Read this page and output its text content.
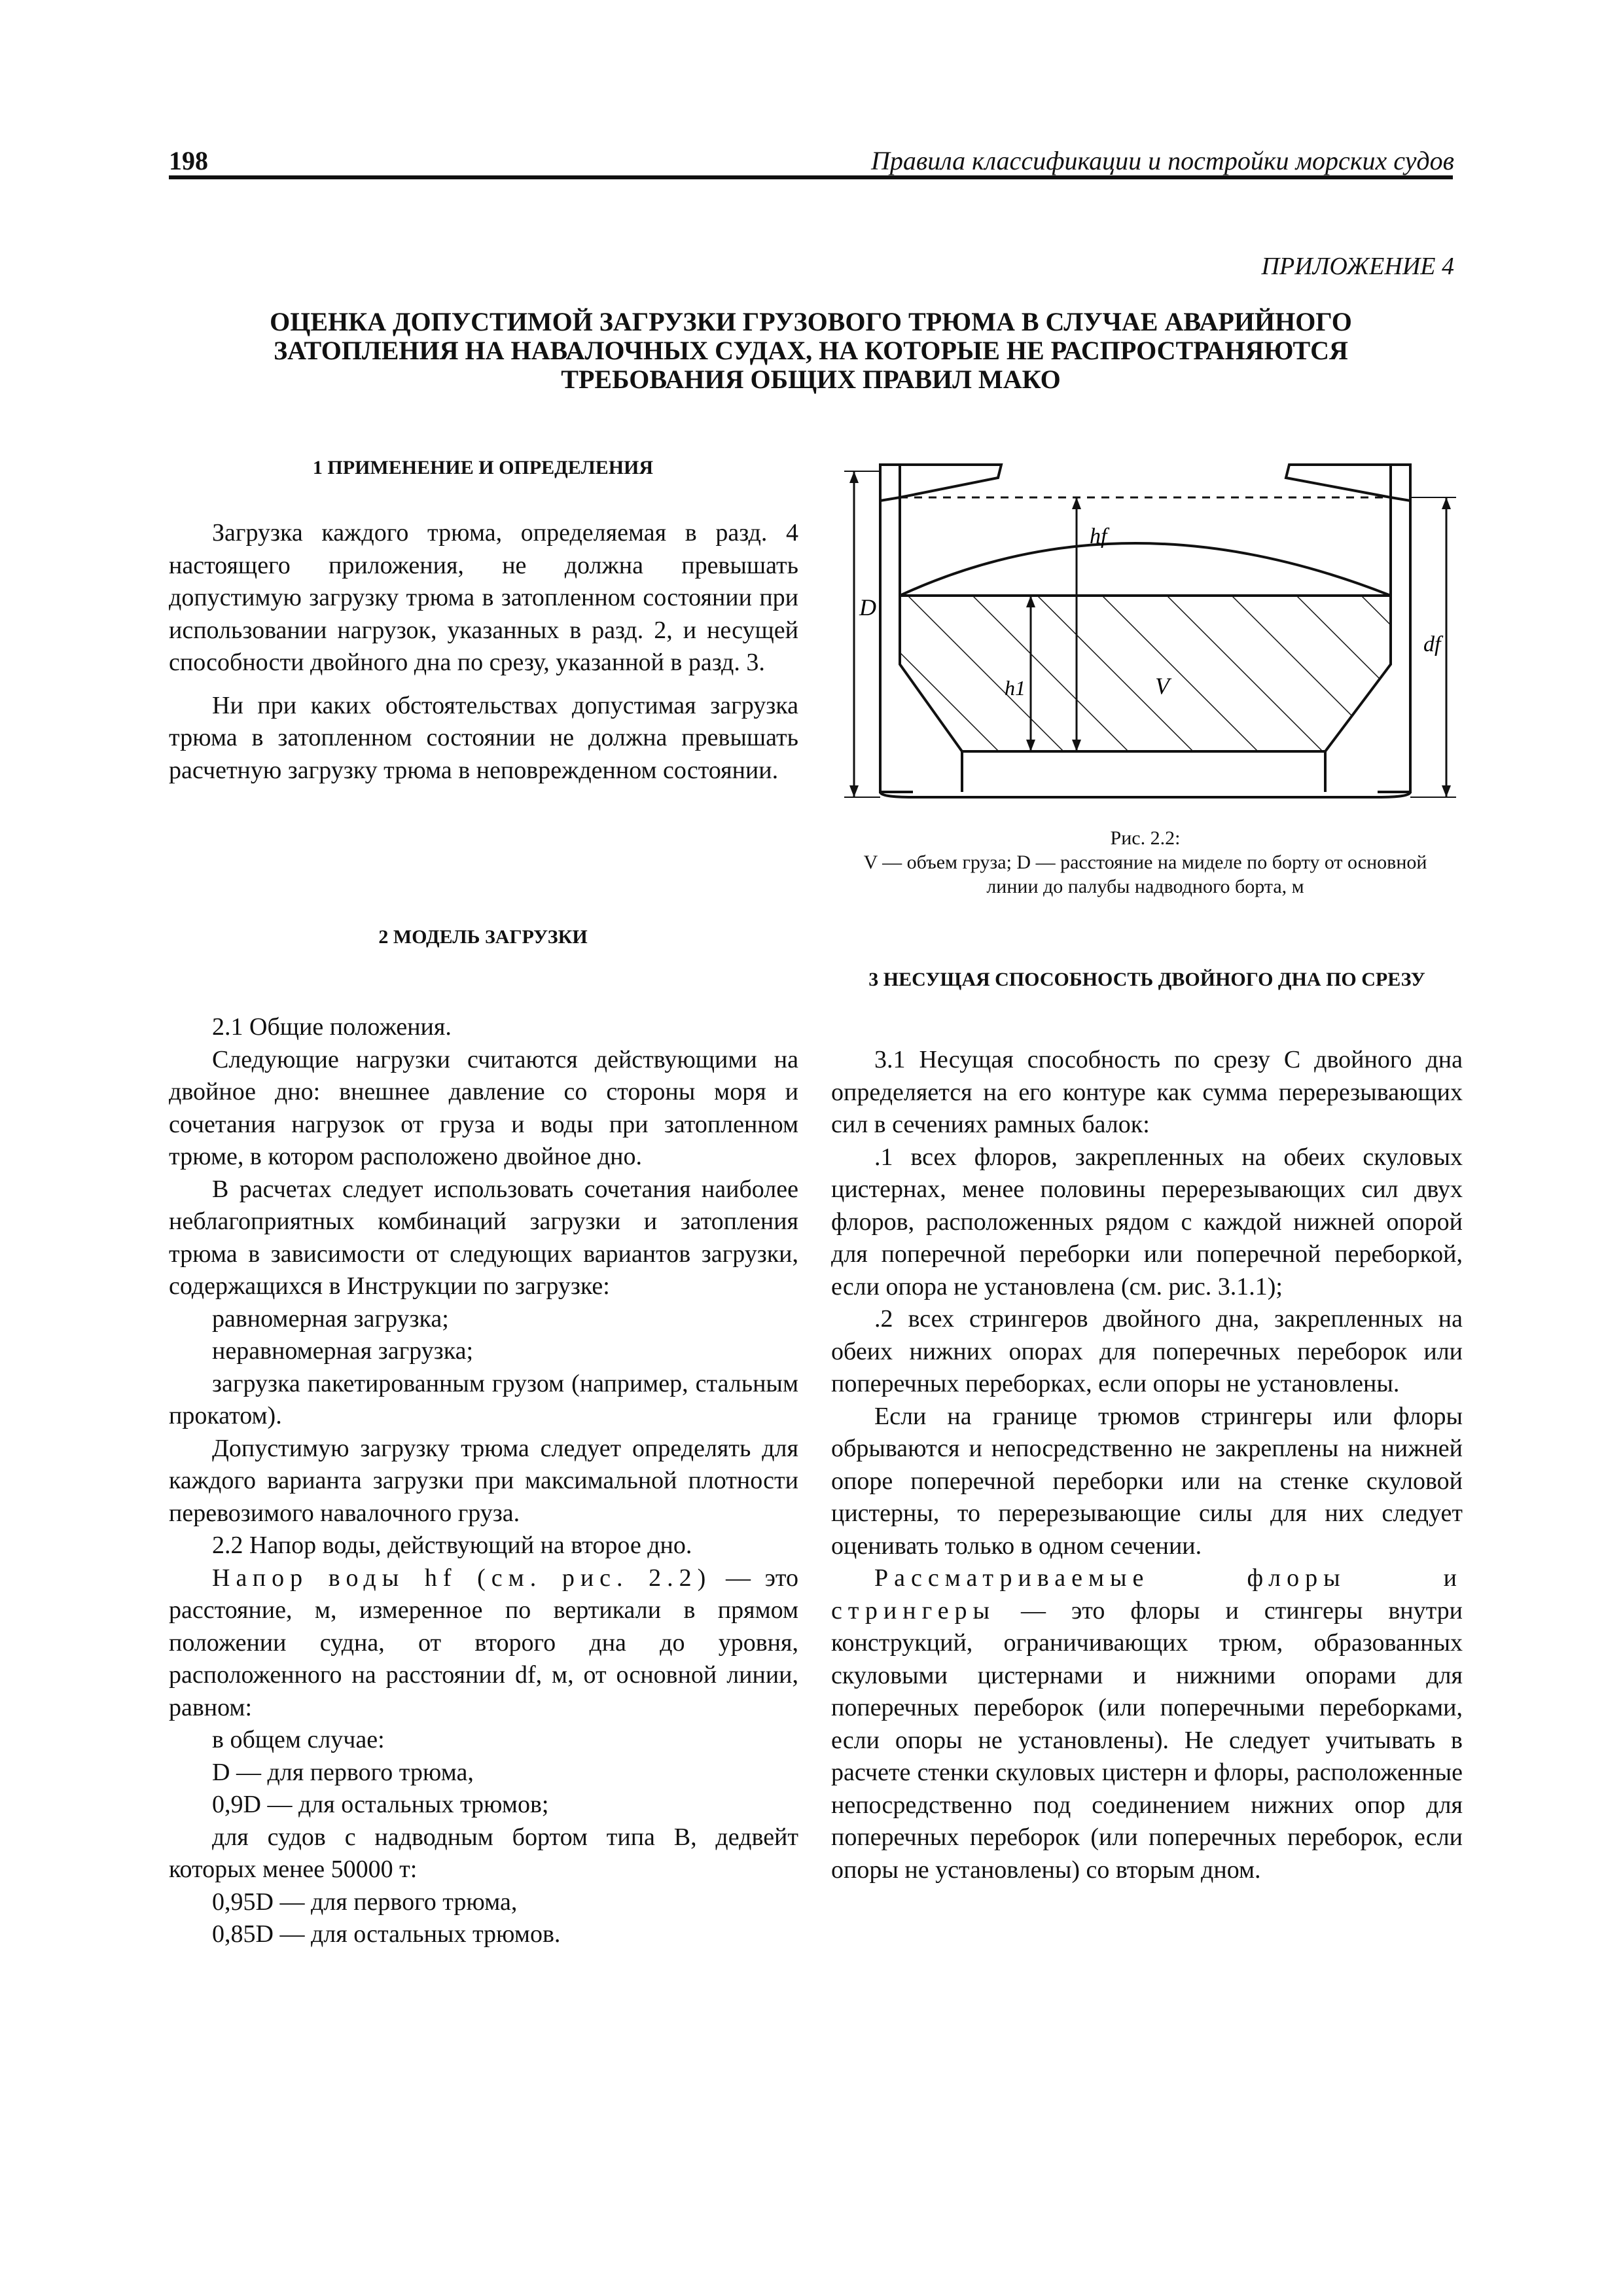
198	Правила классификации и постройки морских судов
ПРИЛОЖЕНИЕ 4
ОЦЕНКА ДОПУСТИМОЙ ЗАГРУЗКИ ГРУЗОВОГО ТРЮМА В СЛУЧАЕ АВАРИЙНОГО
ЗАТОПЛЕНИЯ НА НАВАЛОЧНЫХ СУДАХ, НА КОТОРЫЕ НЕ РАСПРОСТРАНЯЮТСЯ
ТРЕБОВАНИЯ ОБЩИХ ПРАВИЛ МАКО
1 ПРИМЕНЕНИЕ И ОПРЕДЕЛЕНИЯ

Загрузка каждого трюма, определяемая в разд. 4 настоящего приложения, не должна превышать допустимую загрузку трюма в затопленном состоянии при использовании нагрузок, указанных в разд. 2, и несущей способности двойного дна по срезу, указанной в разд. 3.

Ни при каких обстоятельствах допустимая загрузка трюма в затопленном состоянии не должна превышать расчетную загрузку трюма в неповрежденном состоянии.

hf
D
df
h1	V
Рис. 2.2:
V — объем груза; D — расстояние на миделе по борту от основной
линии до палубы надводного борта, м
2 МОДЕЛЬ ЗАГРУЗКИ
3 НЕСУЩАЯ СПОСОБНОСТЬ ДВОЙНОГО ДНА ПО СРЕЗУ

2.1 Общие положения.

Следующие нагрузки считаются действующими на двойное дно: внешнее давление со стороны моря и сочетания нагрузок от груза и воды при затопленном трюме, в котором расположено двойное дно.

В расчетах следует использовать сочетания наиболее неблагоприятных комбинаций загрузки и затопления трюма в зависимости от следующих вариантов загрузки, содержащихся в Инструкции по загрузке:

равномерная загрузка;

неравномерная загрузка;

загрузка пакетированным грузом (например, стальным прокатом).

Допустимую загрузку трюма следует определять для каждого варианта загрузки при максимальной плотности перевозимого навалочного груза.

2.2 Напор воды, действующий на второе дно.

Напор воды hf (см. рис. 2.2) — это расстояние, м, измеренное по вертикали в прямом положении судна, от второго дна до уровня, расположенного на расстоянии df, м, от основной линии, равном:

в общем случае:

D — для первого трюма,

0,9D — для остальных трюмов;

для судов с надводным бортом типа В, дедвейт которых менее 50000 т:

0,95D — для первого трюма,

0,85D — для остальных трюмов.

3.1 Несущая способность по срезу C двойного дна определяется на его контуре как сумма перерезывающих сил в сечениях рамных балок:

.1 всех флоров, закрепленных на обеих скуловых цистернах, менее половины перерезывающих сил двух флоров, расположенных рядом с каждой нижней опорой для поперечной переборки или поперечной переборкой, если опора не установлена (см. рис. 3.1.1);

.2 всех стрингеров двойного дна, закрепленных на обеих нижних опорах для поперечных переборок или поперечных переборках, если опоры не установлены.

Если на границе трюмов стрингеры или флоры обрываются и непосредственно не закреплены на нижней опоре поперечной переборки или на стенке скуловой цистерны, то перерезывающие силы для них следует оценивать только в одном сечении.

Рассматриваемые флоры и стрингеры — это флоры и стингеры внутри конструкций, ограничивающих трюм, образованных скуловыми цистернами и нижними опорами для поперечных переборок (или поперечными переборками, если опоры не установлены). Не следует учитывать в расчете стенки скуловых цистерн и флоры, расположенные непосредственно под соединением нижних опор для поперечных переборок (или поперечных переборок, если опоры не установлены) со вторым дном.
